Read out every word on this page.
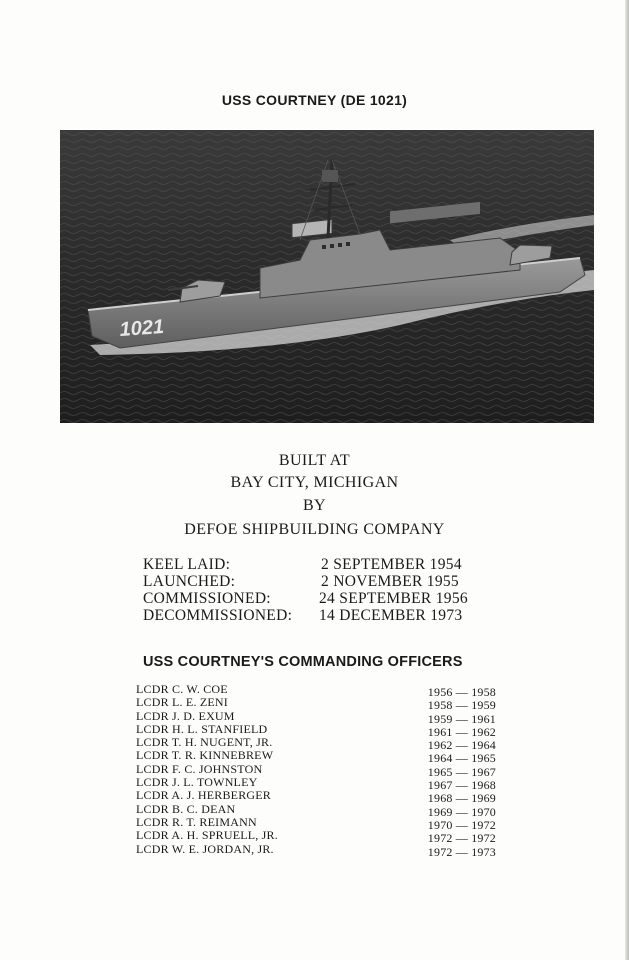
USS COURTNEY (DE 1021)
1021
BUILT AT
BAY CITY, MICHIGAN
BY
DEFOE SHIPBUILDING COMPANY
KEEL LAID:	2 SEPTEMBER 1954
LAUNCHED:	2 NOVEMBER 1955
COMMISSIONED:	24 SEPTEMBER 1956
DECOMMISSIONED: 14 DECEMBER 1973
USS COURTNEY'S COMMANDING OFFICERS
LCDR C. W. COE	1956 — 1958
LCDR L. E. ZENI	1958 — 1959
LCDR J. D. EXUM	1959 — 1961
LCDR H. L. STANFIELD	1961 — 1962
LCDR T. H. NUGENT, JR.	1962 — 1964
LCDR T. R. KINNEBREW	1964 — 1965
LCDR F. C. JOHNSTON	1965 — 1967
LCDR J. L. TOWNLEY	1967 — 1968
LCDR A. J. HERBERGER	1968 — 1969
LCDR B. C. DEAN	1969 — 1970
LCDR R. T. REIMANN	1970 — 1972
LCDR A. H. SPRUELL, JR.	1972 — 1972
LCDR W. E. JORDAN, JR.	1972 — 1973
